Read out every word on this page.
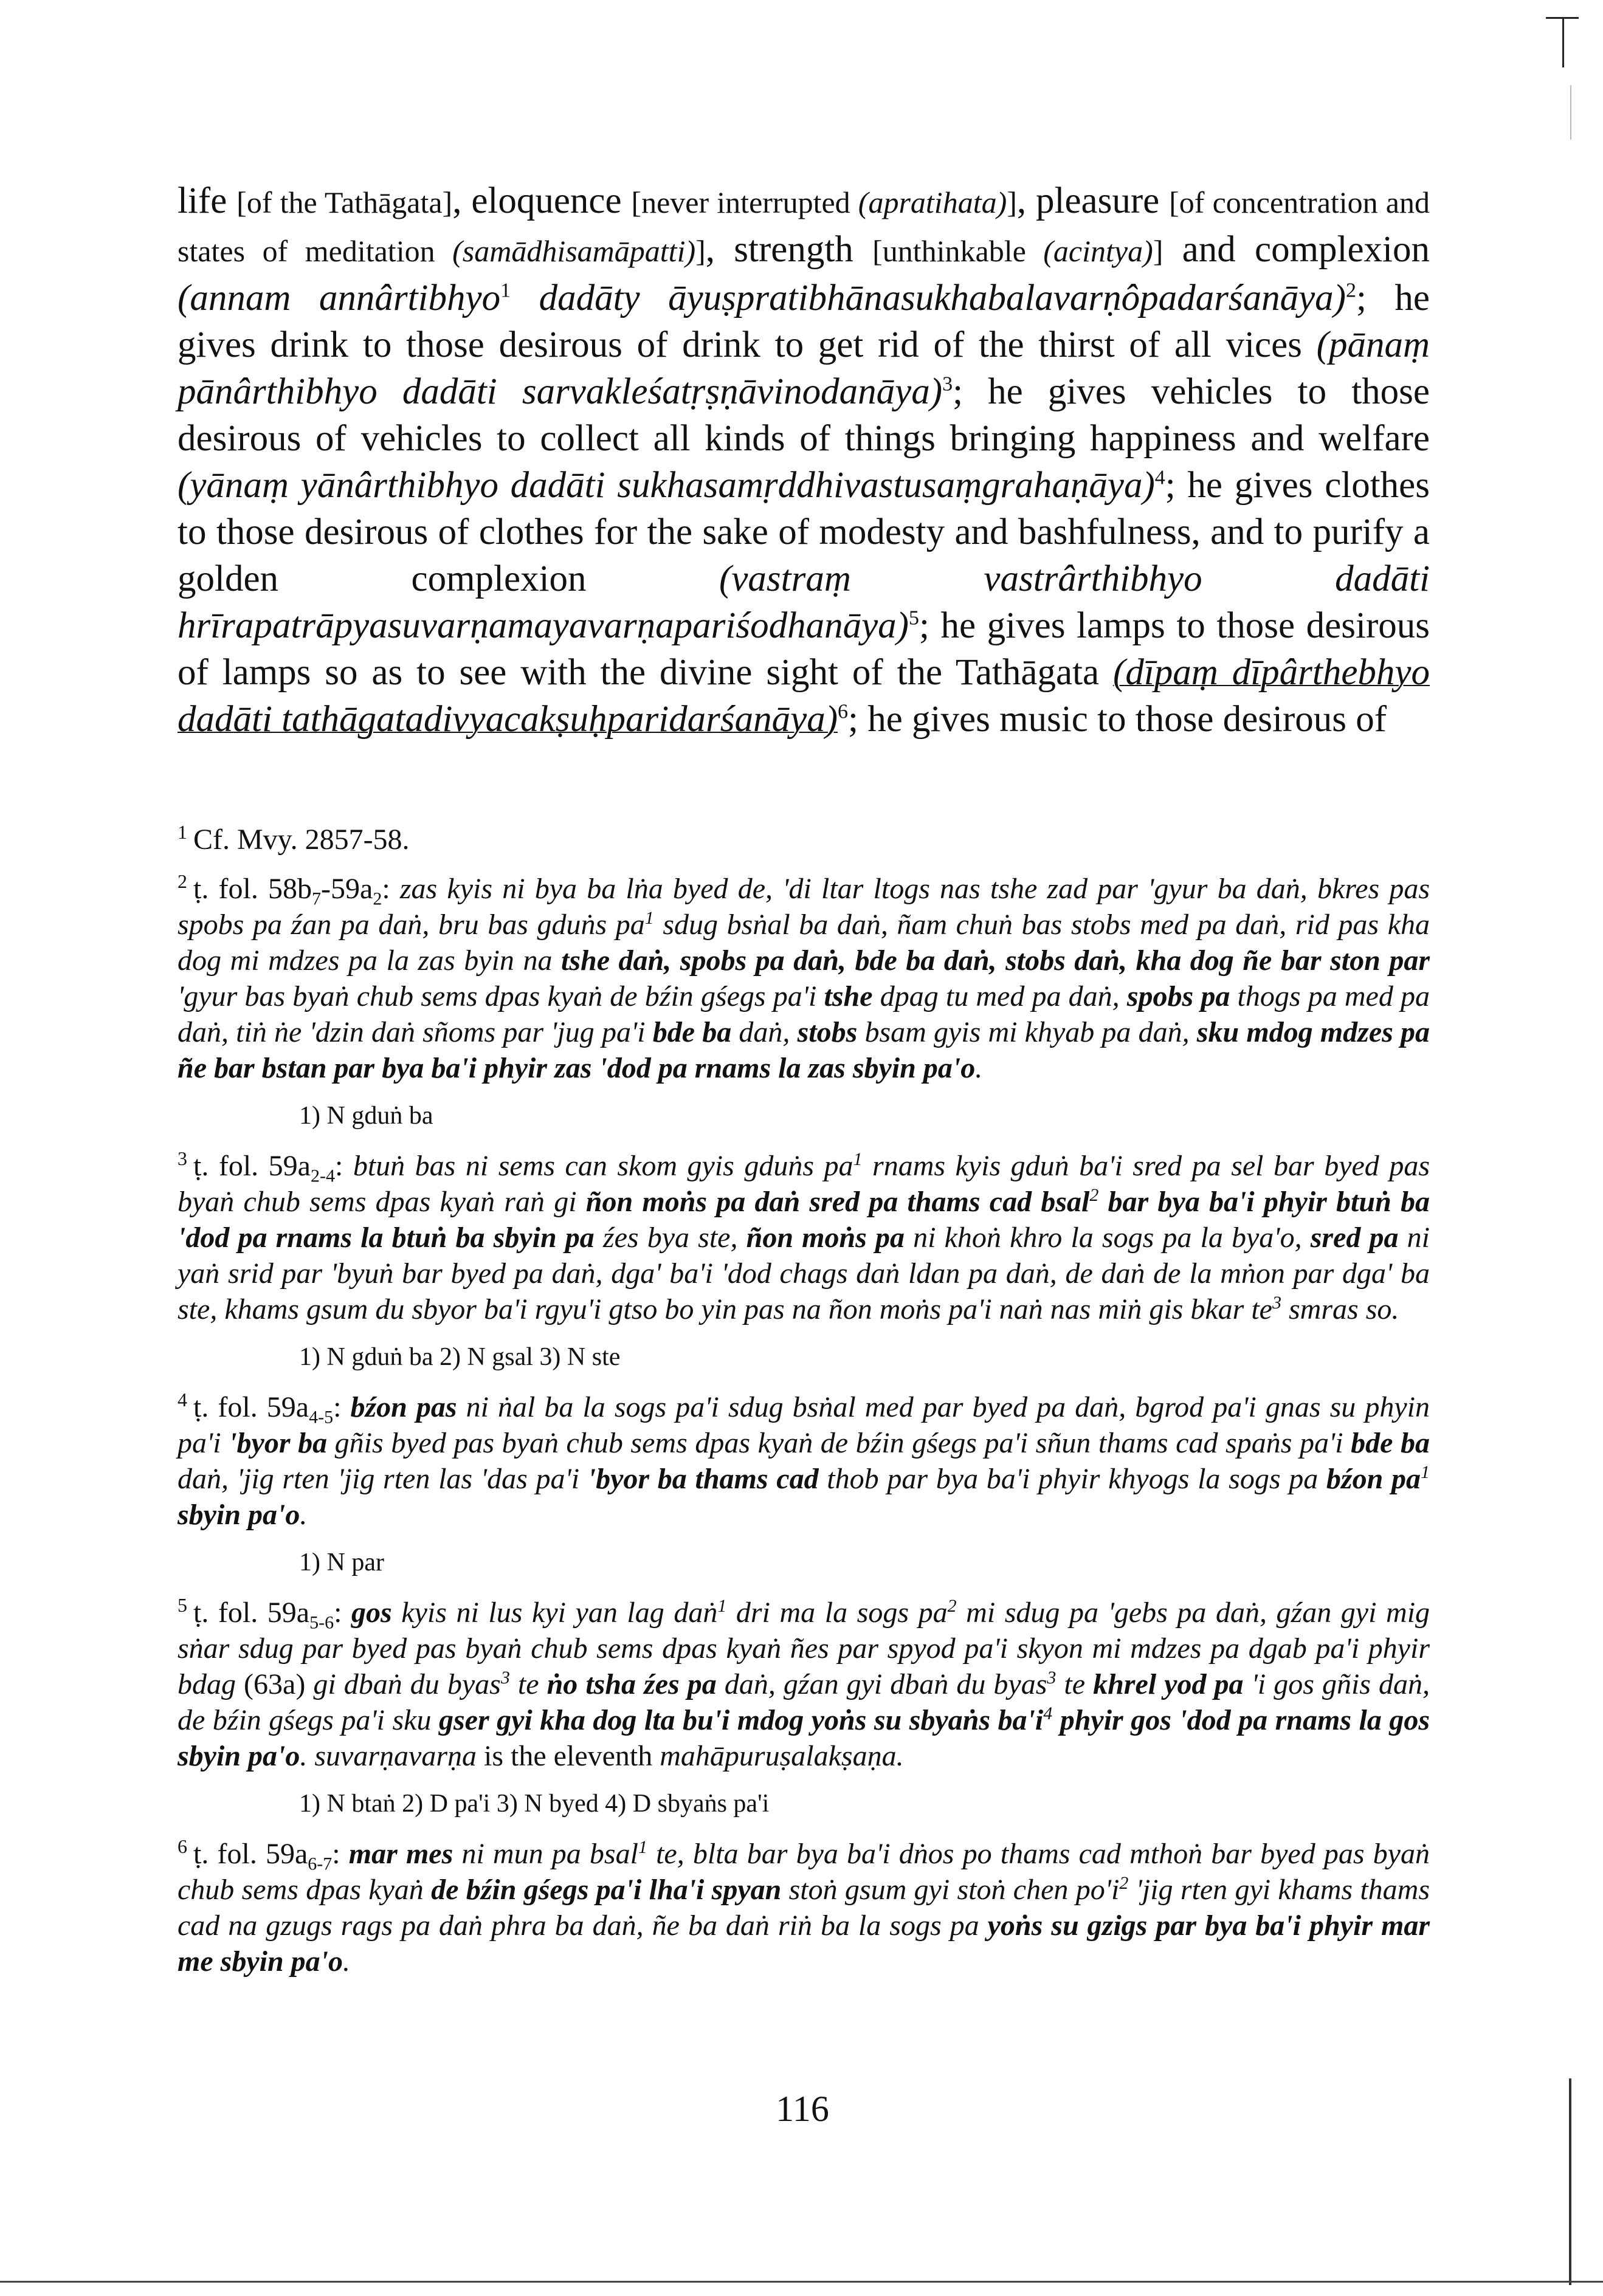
life [of the Tathāgata], eloquence [never interrupted (apratihata)], pleasure [of concentration and states of meditation (samādhisamāpatti)], strength [unthinkable (acintya)] and complexion (annam annârtibhyo$^1$ dadāty āyuṣpratibhānasukhabalavarṇôpadarśanāya)$^2$; he gives drink to those desirous of drink to get rid of the thirst of all vices (pānaṃ pānârthibhyo dadāti sarvakleśatṛṣṇāvinodanāya)$^3$; he gives vehicles to those desirous of vehicles to collect all kinds of things bringing happiness and welfare (yānaṃ yānârthibhyo dadāti sukhasamṛddhivastusaṃgrahaṇāya)$^4$; he gives clothes to those desirous of clothes for the sake of modesty and bashfulness, and to purify a golden complexion (vastraṃ vastrârthibhyo dadāti hrīrapatrāpyasuvarṇamayavarṇapariśodhanāya)$^5$; he gives lamps to those desirous of lamps so as to see with the divine sight of the Tathāgata (dīpaṃ dīpârthebhyo dadāti tathāgatadivyacakṣuḥparidarśanāya)$^6$; he gives music to those desirous of

$^1$ Cf. Mvy. 2857-58.

$^2$ ṭ. fol. $58b_7-59a_2$: zas kyis ni bya ba lṅa byed de, 'di ltar ltogs nas tshe zad par 'gyur ba daṅ, bkres pas spobs pa źan pa daṅ, bru bas gduṅs $pa^1$ sdug bsṅal ba daṅ, ñam chuṅ bas stobs med pa daṅ, rid pas kha dog mi mdzes pa la zas byin na tshe daṅ, spobs pa daṅ, bde ba daṅ, stobs daṅ, kha dog ñe bar ston par 'gyur bas byaṅ chub sems dpas kyaṅ de bźin gśegs pa'i tshe dpag tu med pa daṅ, spobs pa thogs pa med pa daṅ, tiṅ ṅe 'dzin daṅ sñoms par 'jug pa'i bde ba daṅ, stobs bsam gyis mi khyab pa daṅ, sku mdog mdzes pa ñe bar bstan par bya ba'i phyir zas 'dod pa rnams la zas sbyin pa'o.

1) N gduṅ ba

$^3$ ṭ. fol. $59a_{2-4}$: btuṅ bas ni sems can skom gyis gduṅs $pa^1$ rnams kyis gduṅ ba'i sred pa sel bar byed pas byaṅ chub sems dpas kyaṅ raṅ gi ñon moṅs pa daṅ sred pa thams cad bsal$^2$ bar bya ba'i phyir btuṅ ba 'dod pa rnams la btuṅ ba sbyin pa źes bya ste, ñon moṅs pa ni khoṅ khro la sogs pa la bya'o, sred pa ni yaṅ srid par 'byuṅ bar byed pa daṅ, dga' ba'i 'dod chags daṅ ldan pa daṅ, de daṅ de la mṅon par dga' ba ste, khams gsum du sbyor ba'i rgyu'i gtso bo yin pas na ñon moṅs pa'i naṅ nas miṅ gis bkar $te^3$ smras so.

1) N gduṅ ba 2) N gsal 3) N ste

$^4$ ṭ. fol. $59a_{4-5}$: bźon pas ni ṅal ba la sogs pa'i sdug bsṅal med par byed pa daṅ, bgrod pa'i gnas su phyin pa'i 'byor ba gñis byed pas byaṅ chub sems dpas kyaṅ de bźin gśegs pa'i sñun thams cad spaṅs pa'i bde ba daṅ, 'jig rten 'jig rten las 'das pa'i 'byor ba thams cad thob par bya ba'i phyir khyogs la sogs pa bźon $pa^1$ sbyin pa'o.

1) N par

$^5$ ṭ. fol. $59a_{5-6}$: gos kyis ni lus kyi yan lag daṅ$^1$ dri ma la sogs $pa^2$ mi sdug pa 'gebs pa daṅ, gźan gyi mig sṅar sdug par byed pas byaṅ chub sems dpas kyaṅ ñes par spyod pa'i skyon mi mdzes pa dgab pa'i phyir bdag (63a) gi dbaṅ du byas$^3$ te ṅo tsha źes pa daṅ, gźan gyi dbaṅ du byas$^3$ te khrel yod pa 'i gos gñis daṅ, de bźin gśegs pa'i sku gser gyi kha dog lta bu'i mdog yoṅs su sbyaṅs $ba'i^4$ phyir gos 'dod pa rnams la gos sbyin pa'o. suvarṇavarṇa is the eleventh mahāpuruṣalakṣaṇa.

1) N btaṅ 2) D pa'i 3) N byed 4) D sbyaṅs pa'i

$^6$ ṭ. fol. $59a_{6-7}$: mar mes ni mun pa bsal$^1$ te, blta bar bya ba'i dṅos po thams cad mthoṅ bar byed pas byaṅ chub sems dpas kyaṅ de bźin gśegs pa'i lha'i spyan stoṅ gsum gyi stoṅ chen $po'i^2$ 'jig rten gyi khams thams cad na gzugs rags pa daṅ phra ba daṅ, ñe ba daṅ riṅ ba la sogs pa yoṅs su gzigs par bya ba'i phyir mar me sbyin pa'o.

116
